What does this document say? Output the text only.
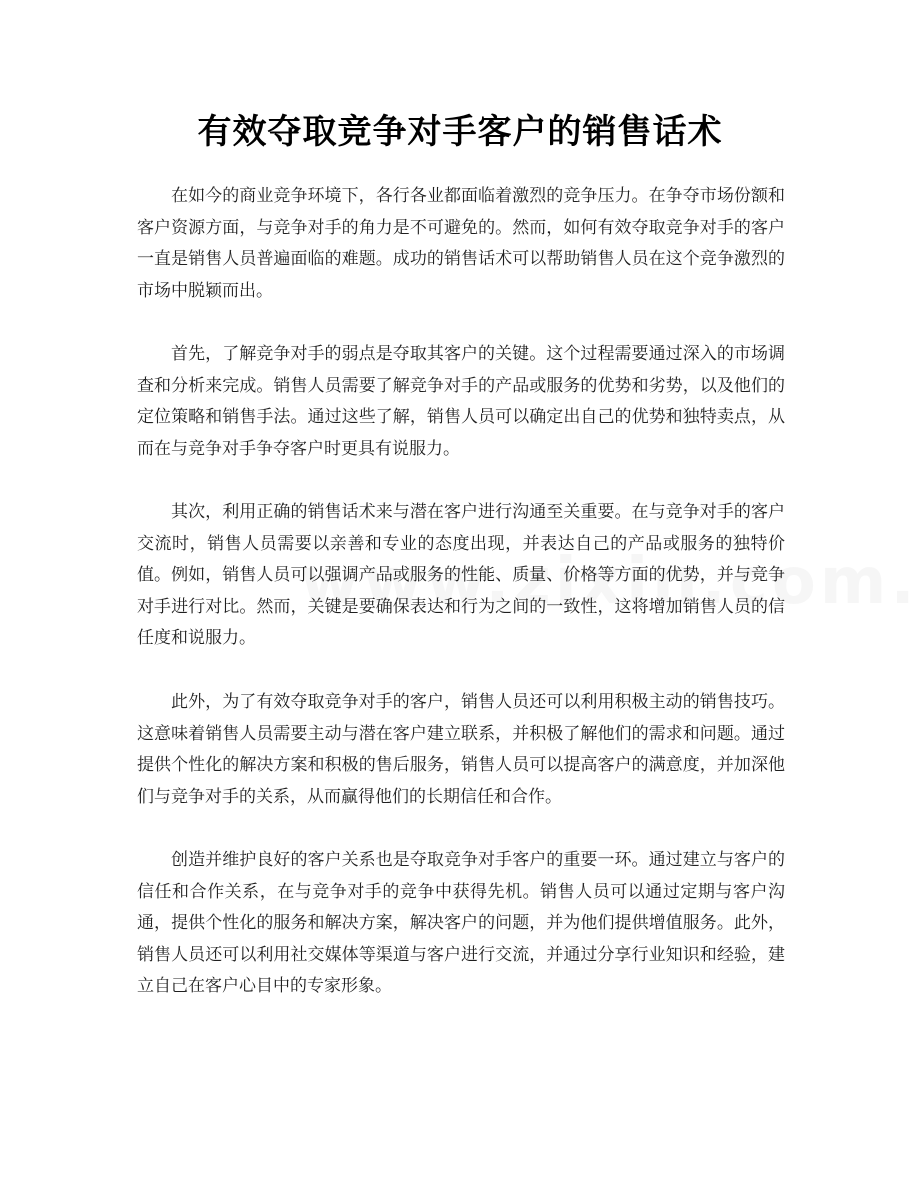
有效夺取竞争对手客户的销售话术

在如今的商业竞争环境下，各行各业都面临着激烈的竞争压力。在争夺市场份额和客户资源方面，与竞争对手的角力是不可避免的。然而，如何有效夺取竞争对手的客户一直是销售人员普遍面临的难题。成功的销售话术可以帮助销售人员在这个竞争激烈的市场中脱颖而出。

首先，了解竞争对手的弱点是夺取其客户的关键。这个过程需要通过深入的市场调查和分析来完成。销售人员需要了解竞争对手的产品或服务的优势和劣势，以及他们的定位策略和销售手法。通过这些了解，销售人员可以确定出自己的优势和独特卖点，从而在与竞争对手争夺客户时更具有说服力。

其次，利用正确的销售话术来与潜在客户进行沟通至关重要。在与竞争对手的客户交流时，销售人员需要以亲善和专业的态度出现，并表达自己的产品或服务的独特价值。例如，销售人员可以强调产品或服务的性能、质量、价格等方面的优势，并与竞争对手进行对比。然而，关键是要确保表达和行为之间的一致性，这将增加销售人员的信任度和说服力。

此外，为了有效夺取竞争对手的客户，销售人员还可以利用积极主动的销售技巧。这意味着销售人员需要主动与潜在客户建立联系，并积极了解他们的需求和问题。通过提供个性化的解决方案和积极的售后服务，销售人员可以提高客户的满意度，并加深他们与竞争对手的关系，从而赢得他们的长期信任和合作。

创造并维护良好的客户关系也是夺取竞争对手客户的重要一环。通过建立与客户的信任和合作关系，在与竞争对手的竞争中获得先机。销售人员可以通过定期与客户沟通，提供个性化的服务和解决方案，解决客户的问题，并为他们提供增值服务。此外，销售人员还可以利用社交媒体等渠道与客户进行交流，并通过分享行业知识和经验，建立自己在客户心目中的专家形象。
